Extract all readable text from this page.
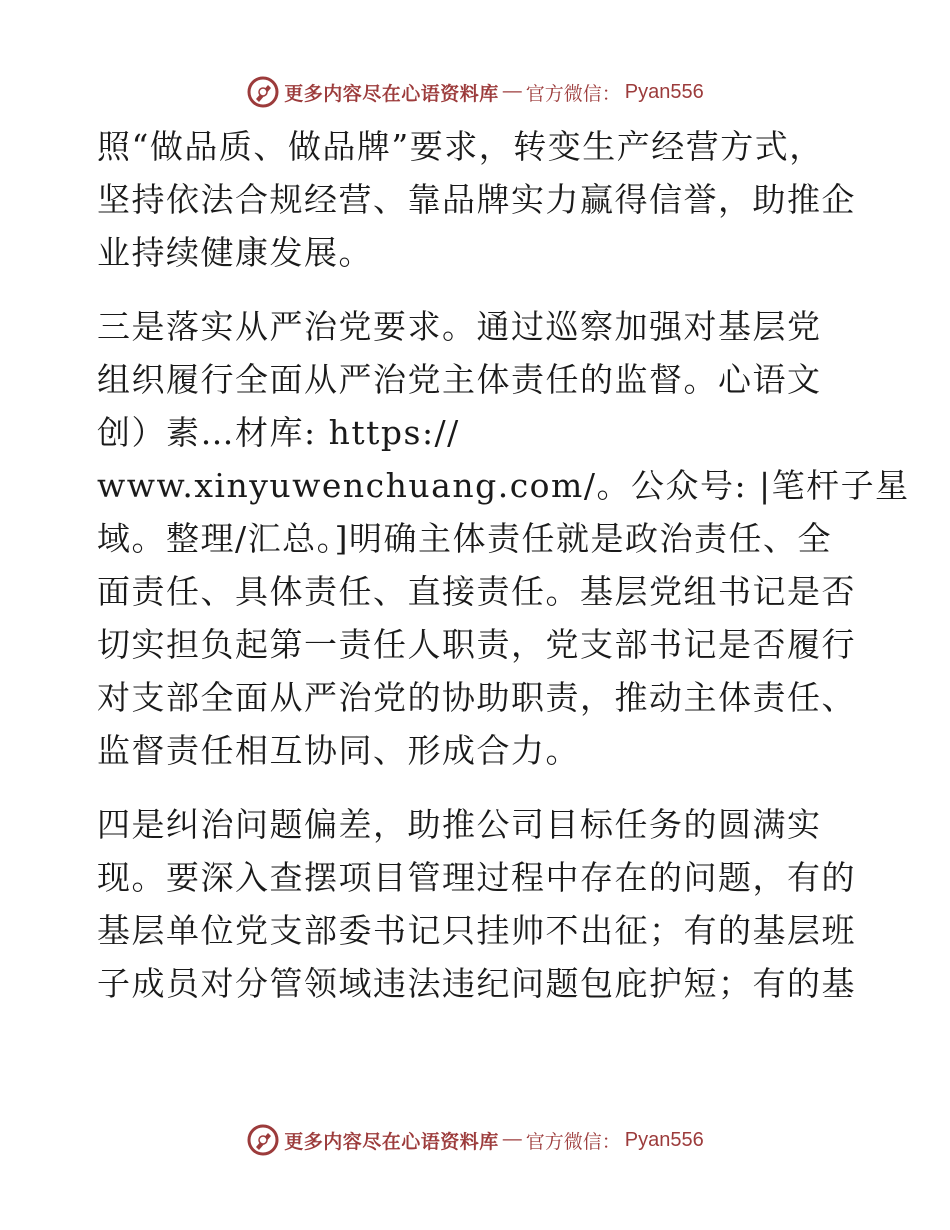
更多内容尽在心语资料库 — 官方微信： Pyan556

照“做品质、做品牌”要求，转变生产经营方式，
坚持依法合规经营、靠品牌实力赢得信誉，助推企
业持续健康发展。

三是落实从严治党要求。通过巡察加强对基层党
组织履行全面从严治党主体责任的监督。心语文
创）素…材库: https://
www.xinyuwenchuang.com/。公众号: |笔杆子星
域。整理/汇总。]明确主体责任就是政治责任、全
面责任、具体责任、直接责任。基层党组书记是否
切实担负起第一责任人职责，党支部书记是否履行
对支部全面从严治党的协助职责，推动主体责任、
监督责任相互协同、形成合力。

四是纠治问题偏差，助推公司目标任务的圆满实
现。要深入查摆项目管理过程中存在的问题，有的
基层单位党支部委书记只挂帅不出征；有的基层班
子成员对分管领域违法违纪问题包庇护短；有的基

更多内容尽在心语资料库 — 官方微信： Pyan556
